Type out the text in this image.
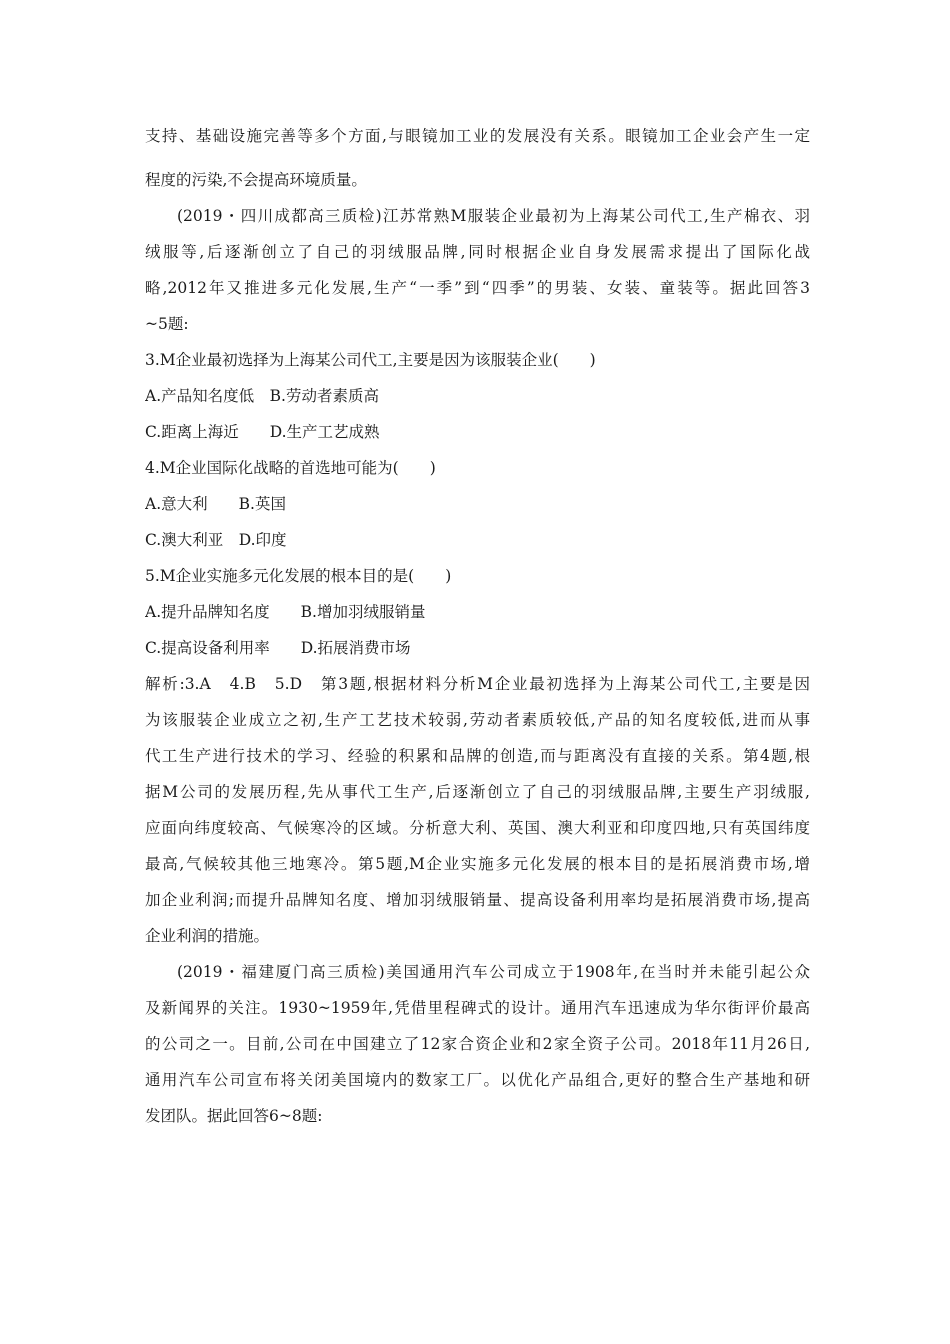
支持、基础设施完善等多个方面,与眼镜加工业的发展没有关系。眼镜加工企业会产生一定
程度的污染,不会提高环境质量。
(2019・四川成都高三质检)江苏常熟M服装企业最初为上海某公司代工,生产棉衣、羽
绒服等,后逐渐创立了自己的羽绒服品牌,同时根据企业自身发展需求提出了国际化战
略,2012年又推进多元化发展,生产“一季”到“四季”的男装、女装、童装等。据此回答3
~5题:
3.M企业最初选择为上海某公司代工,主要是因为该服装企业(　　)
A.产品知名度低　B.劳动者素质高
C.距离上海近　　D.生产工艺成熟
4.M企业国际化战略的首选地可能为(　　)
A.意大利　　B.英国
C.澳大利亚　D.印度
5.M企业实施多元化发展的根本目的是(　　)
A.提升品牌知名度　　B.增加羽绒服销量
C.提高设备利用率　　D.拓展消费市场
解析:3.A　4.B　5.D　第3题,根据材料分析M企业最初选择为上海某公司代工,主要是因
为该服装企业成立之初,生产工艺技术较弱,劳动者素质较低,产品的知名度较低,进而从事
代工生产进行技术的学习、经验的积累和品牌的创造,而与距离没有直接的关系。第4题,根
据M公司的发展历程,先从事代工生产,后逐渐创立了自己的羽绒服品牌,主要生产羽绒服,
应面向纬度较高、气候寒冷的区域。分析意大利、英国、澳大利亚和印度四地,只有英国纬度
最高,气候较其他三地寒冷。第5题,M企业实施多元化发展的根本目的是拓展消费市场,增
加企业利润;而提升品牌知名度、增加羽绒服销量、提高设备利用率均是拓展消费市场,提高
企业利润的措施。
(2019・福建厦门高三质检)美国通用汽车公司成立于1908年,在当时并未能引起公众
及新闻界的关注。1930~1959年,凭借里程碑式的设计。通用汽车迅速成为华尔街评价最高
的公司之一。目前,公司在中国建立了12家合资企业和2家全资子公司。2018年11月26日,
通用汽车公司宣布将关闭美国境内的数家工厂。以优化产品组合,更好的整合生产基地和研
发团队。据此回答6~8题:
